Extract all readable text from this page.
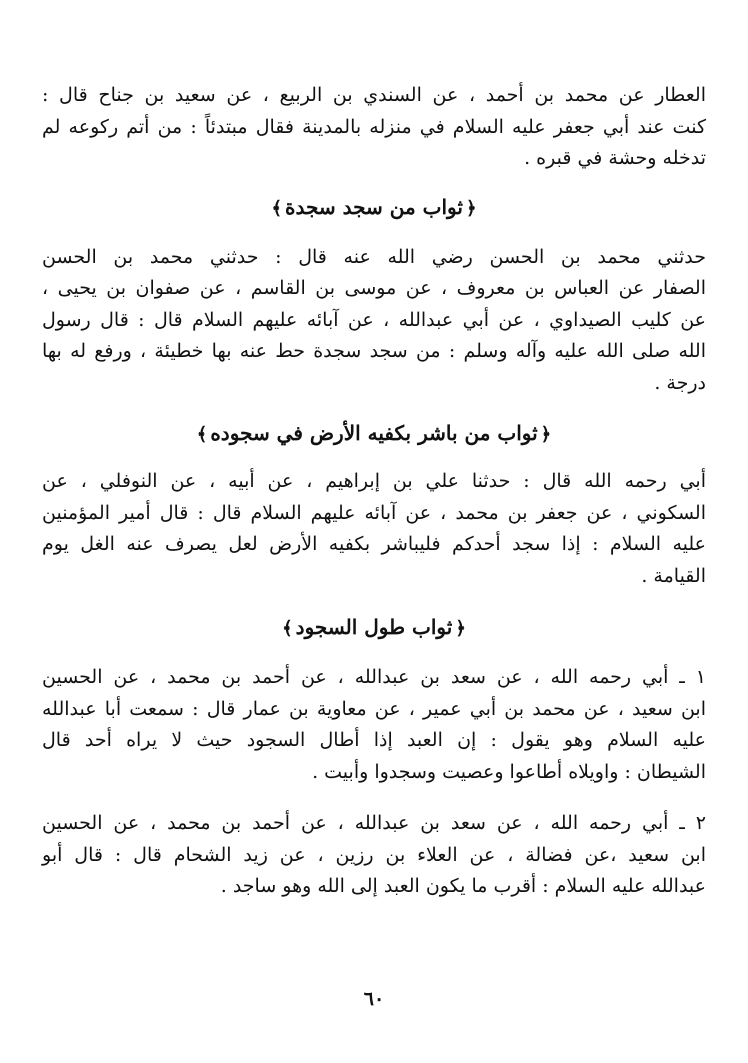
العطار عن محمد بن أحمد ، عن السندي بن الربيع ، عن سعيد بن جناح قال :
كنت عند أبي جعفر عليه السلام في منزله بالمدينة فقال مبتدئاً : من أتم ركوعه لم
تدخله وحشة في قبره .

﴿ثواب من سجد سجدة﴾

حدثني محمد بن الحسن رضي الله عنه قال : حدثني محمد بن الحسن
الصفار عن العباس بن معروف ، عن موسى بن القاسم ، عن صفوان بن يحيى ،
عن كليب الصيداوي ، عن أبي عبدالله ، عن آبائه عليهم السلام قال : قال رسول
الله صلى الله عليه وآله وسلم : من سجد سجدة حط عنه بها خطيئة ، ورفع له بها
درجة .

﴿ثواب من باشر بكفيه الأرض في سجوده﴾

أبي رحمه الله قال : حدثنا علي بن إبراهيم ، عن أبيه ، عن النوفلي ، عن
السكوني ، عن جعفر بن محمد ، عن آبائه عليهم السلام قال : قال أمير المؤمنين
عليه السلام : إذا سجد أحدكم فليباشر بكفيه الأرض لعل يصرف عنه الغل يوم
القيامة .

﴿ثواب طول السجود﴾

١ ـ أبي رحمه الله ، عن سعد بن عبدالله ، عن أحمد بن محمد ، عن الحسين
ابن سعيد ، عن محمد بن أبي عمير ، عن معاوية بن عمار قال : سمعت أبا عبدالله
عليه السلام وهو يقول : إن العبد إذا أطال السجود حيث لا يراه أحد قال
الشيطان : واويلاه أطاعوا وعصيت وسجدوا وأبيت .

٢ ـ أبي رحمه الله ، عن سعد بن عبدالله ، عن أحمد بن محمد ، عن الحسين
ابن سعيد ،عن فضالة ، عن العلاء بن رزين ، عن زيد الشحام قال : قال أبو
عبدالله عليه السلام : أقرب ما يكون العبد إلى الله وهو ساجد .

٦٠
